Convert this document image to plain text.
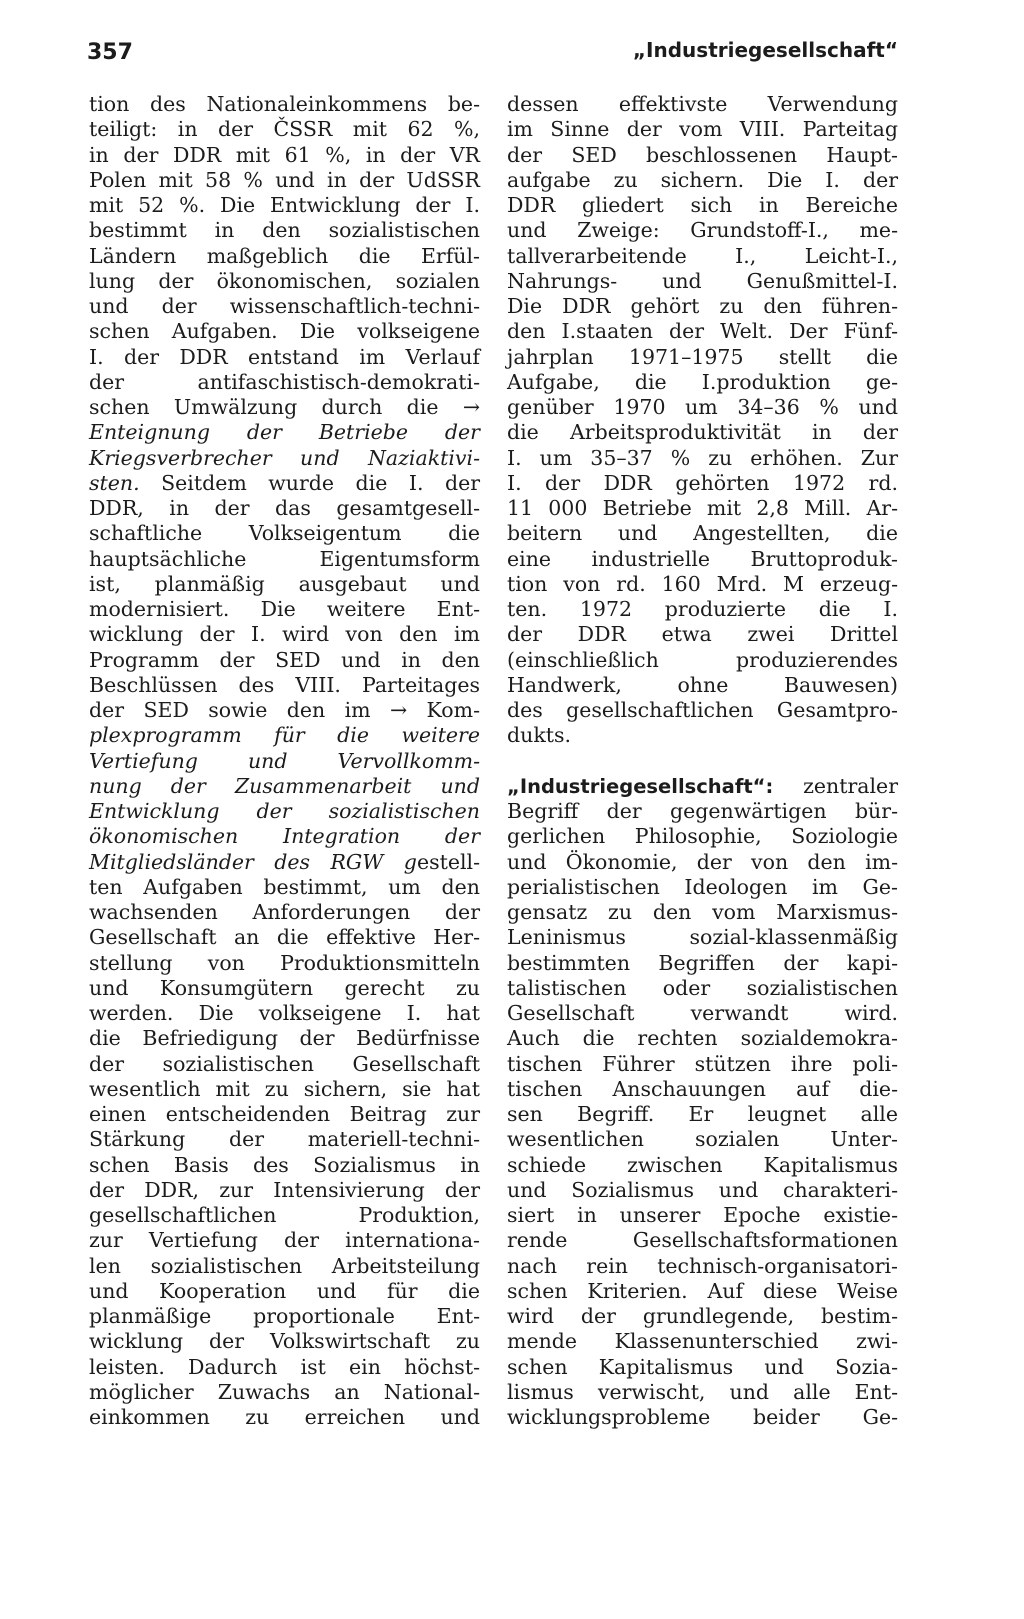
357	„Industriegesellschaft“
tion des Nationaleinkommens be-
teiligt: in der ČSSR mit 62 %,
in der DDR mit 61 %, in der VR
Polen mit 58 % und in der UdSSR
mit 52 %. Die Entwicklung der I.
bestimmt in den sozialistischen
Ländern maßgeblich die Erfül-
lung der ökonomischen, sozialen
und der wissenschaftlich-techni-
schen Aufgaben. Die volkseigene
I. der DDR entstand im Verlauf
der antifaschistisch-demokrati-
schen Umwälzung durch die →
Enteignung der Betriebe der
Kriegsverbrecher und Naziaktivi-
sten. Seitdem wurde die I. der
DDR, in der das gesamtgesell-
schaftliche Volkseigentum die
hauptsächliche Eigentumsform
ist, planmäßig ausgebaut und
modernisiert. Die weitere Ent-
wicklung der I. wird von den im
Programm der SED und in den
Beschlüssen des VIII. Parteitages
der SED sowie den im → Kom-
plexprogramm für die weitere
Vertiefung und Vervollkomm-
nung der Zusammenarbeit und
Entwicklung der sozialistischen
ökonomischen Integration der
Mitgliedsländer des RGW gestell-
ten Aufgaben bestimmt, um den
wachsenden Anforderungen der
Gesellschaft an die effektive Her-
stellung von Produktionsmitteln
und Konsumgütern gerecht zu
werden. Die volkseigene I. hat
die Befriedigung der Bedürfnisse
der sozialistischen Gesellschaft
wesentlich mit zu sichern, sie hat
einen entscheidenden Beitrag zur
Stärkung der materiell-techni-
schen Basis des Sozialismus in
der DDR, zur Intensivierung der
gesellschaftlichen Produktion,
zur Vertiefung der internationa-
len sozialistischen Arbeitsteilung
und Kooperation und für die
planmäßige proportionale Ent-
wicklung der Volkswirtschaft zu
leisten. Dadurch ist ein höchst-
möglicher Zuwachs an National-
einkommen zu erreichen und
dessen effektivste Verwendung
im Sinne der vom VIII. Parteitag
der SED beschlossenen Haupt-
aufgabe zu sichern. Die I. der
DDR gliedert sich in Bereiche
und Zweige: Grundstoff-I., me-
tallverarbeitende I., Leicht-I.,
Nahrungs- und Genußmittel-I.
Die DDR gehört zu den führen-
den I.staaten der Welt. Der Fünf-
jahrplan 1971–1975 stellt die
Aufgabe, die I.produktion ge-
genüber 1970 um 34–36 % und
die Arbeitsproduktivität in der
I. um 35–37 % zu erhöhen. Zur
I. der DDR gehörten 1972 rd.
11 000 Betriebe mit 2,8 Mill. Ar-
beitern und Angestellten, die
eine industrielle Bruttoproduk-
tion von rd. 160 Mrd. M erzeug-
ten. 1972 produzierte die I.
der DDR etwa zwei Drittel
(einschließlich produzierendes
Handwerk, ohne Bauwesen)
des gesellschaftlichen Gesamtpro-
dukts.
„Industriegesellschaft“: zentraler
Begriff der gegenwärtigen bür-
gerlichen Philosophie, Soziologie
und Ökonomie, der von den im-
perialistischen Ideologen im Ge-
gensatz zu den vom Marxismus-
Leninismus sozial-klassenmäßig
bestimmten Begriffen der kapi-
talistischen oder sozialistischen
Gesellschaft verwandt wird.
Auch die rechten sozialdemokra-
tischen Führer stützen ihre poli-
tischen Anschauungen auf die-
sen Begriff. Er leugnet alle
wesentlichen sozialen Unter-
schiede zwischen Kapitalismus
und Sozialismus und charakteri-
siert in unserer Epoche existie-
rende Gesellschaftsformationen
nach rein technisch-organisatori-
schen Kriterien. Auf diese Weise
wird der grundlegende, bestim-
mende Klassenunterschied zwi-
schen Kapitalismus und Sozia-
lismus verwischt, und alle Ent-
wicklungsprobleme beider Ge-
